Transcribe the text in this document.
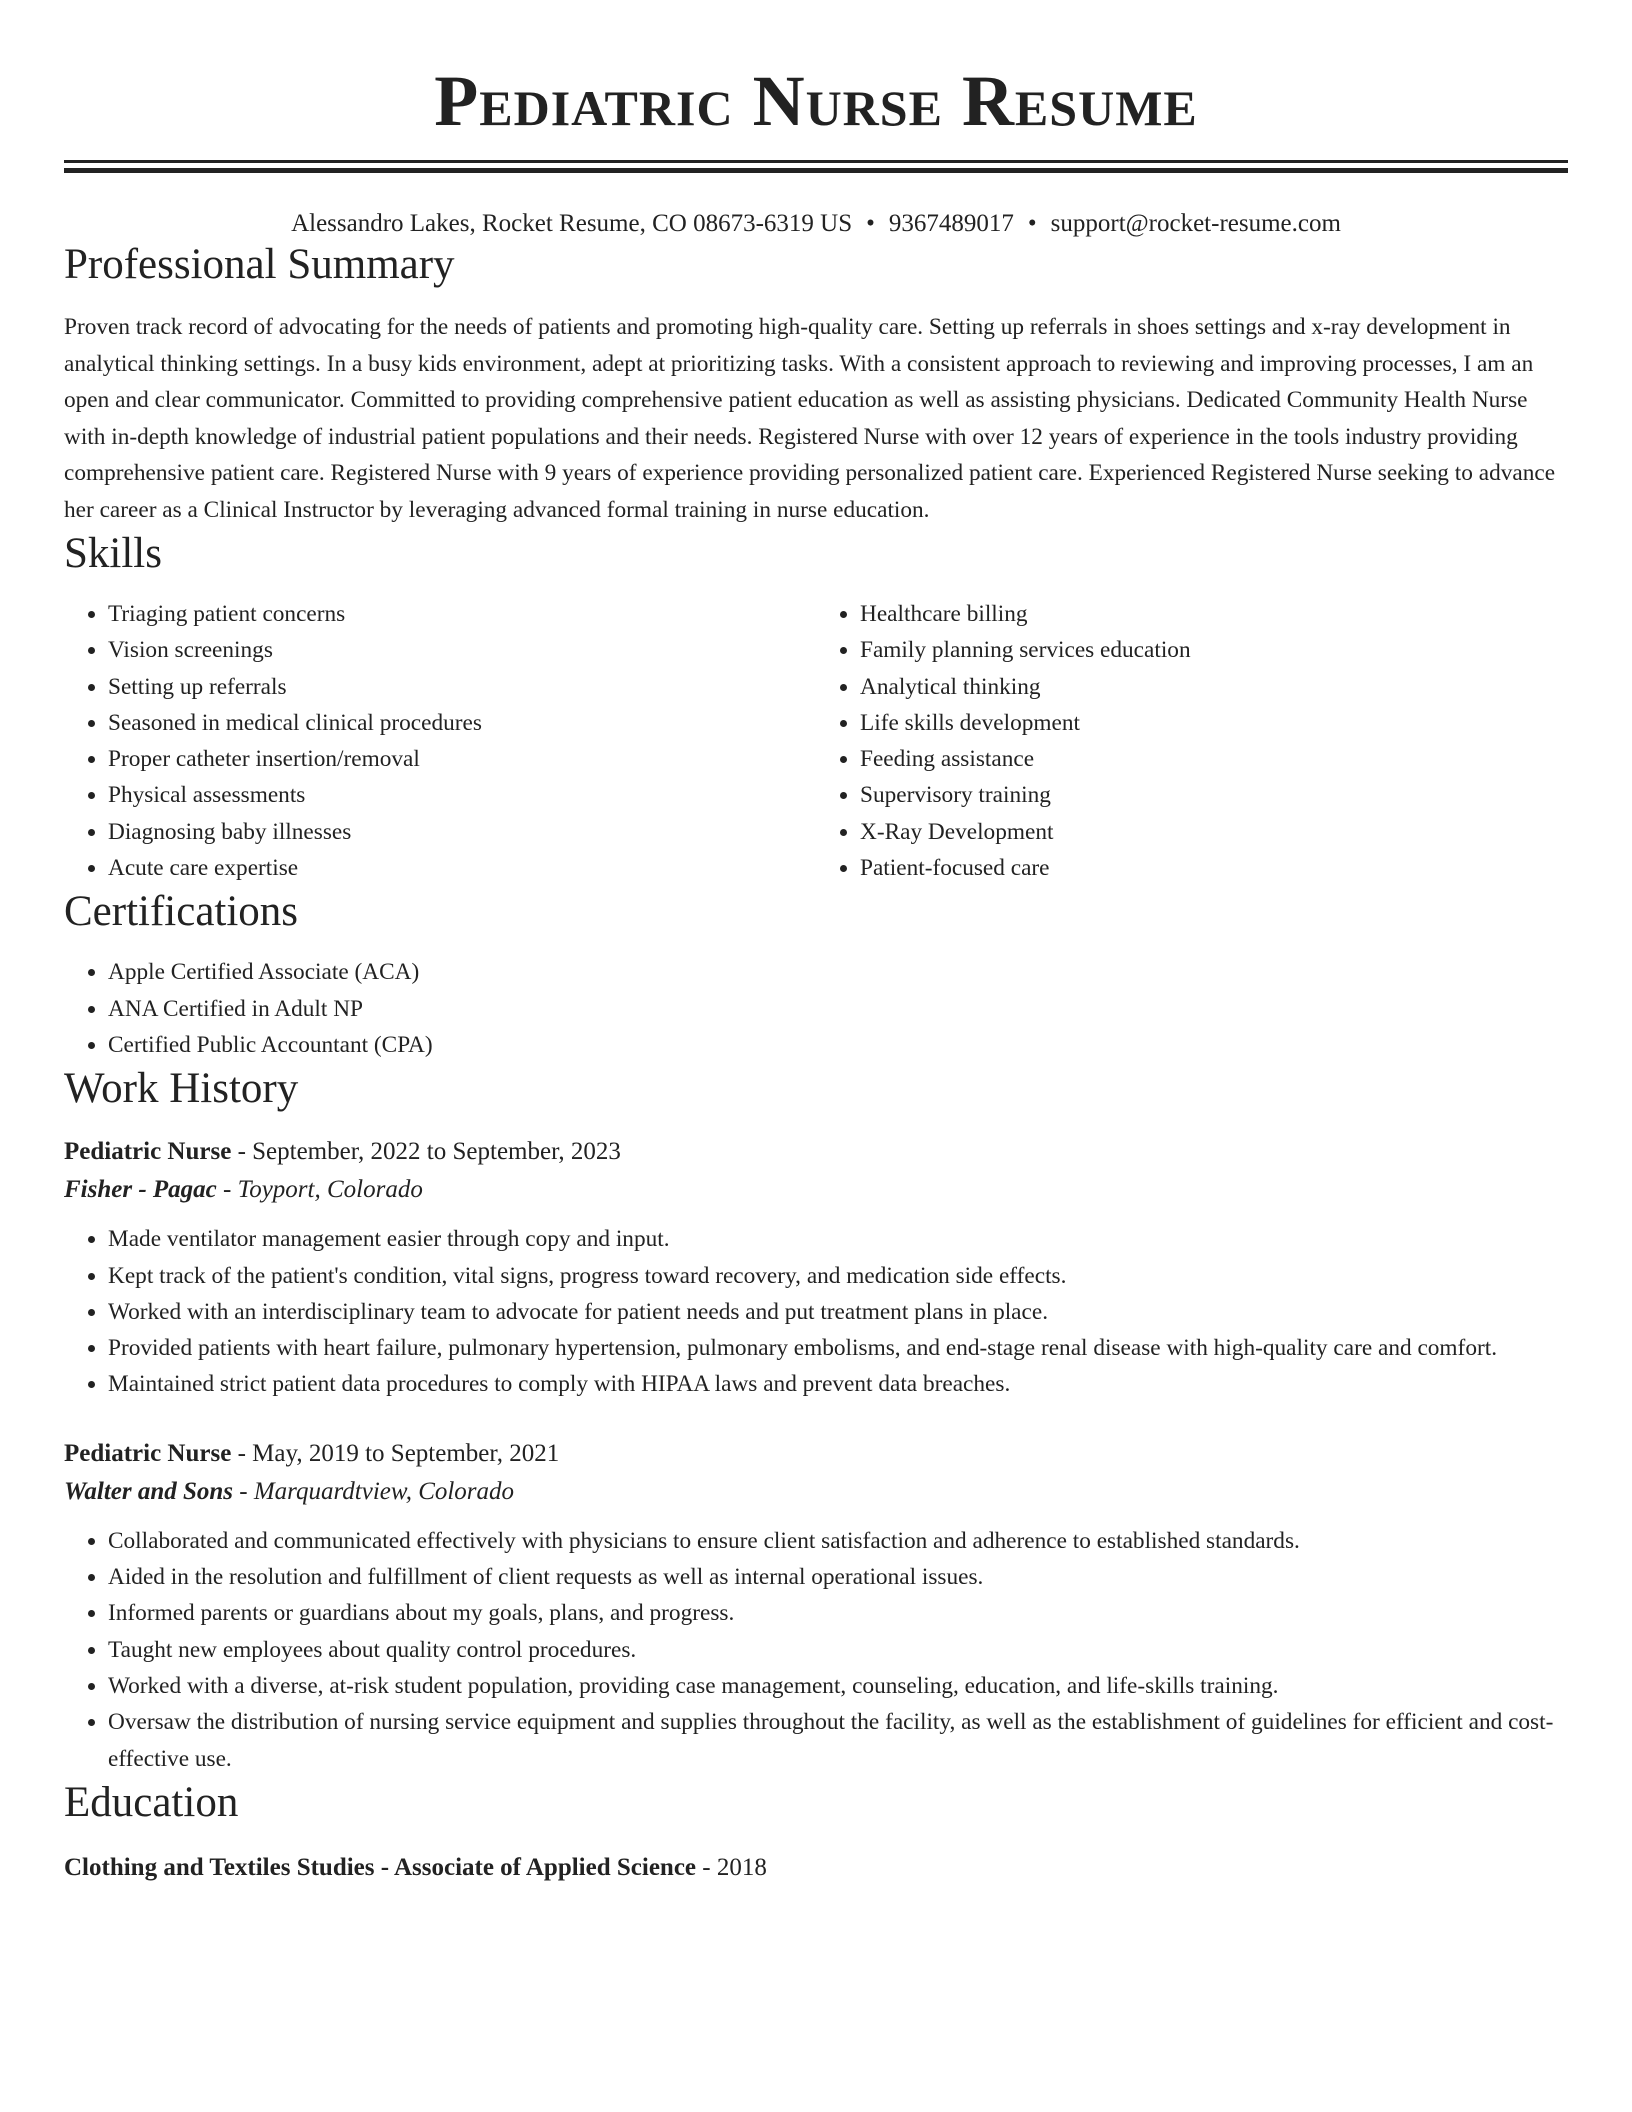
Pediatric Nurse Resume
Alessandro Lakes, Rocket Resume, CO 08673-6319 US • 9367489017 • support@rocket-resume.com
Professional Summary

Proven track record of advocating for the needs of patients and promoting high-quality care. Setting up referrals in shoes settings and x-ray development in analytical thinking settings. In a busy kids environment, adept at prioritizing tasks. With a consistent approach to reviewing and improving processes, I am an open and clear communicator. Committed to providing comprehensive patient education as well as assisting physicians. Dedicated Community Health Nurse with in-depth knowledge of industrial patient populations and their needs. Registered Nurse with over 12 years of experience in the tools industry providing comprehensive patient care. Registered Nurse with 9 years of experience providing personalized patient care. Experienced Registered Nurse seeking to advance her career as a Clinical Instructor by leveraging advanced formal training in nurse education.

Skills
• Triaging patient concerns
• Vision screenings
• Setting up referrals
• Seasoned in medical clinical procedures
• Proper catheter insertion/removal
• Physical assessments
• Diagnosing baby illnesses
• Acute care expertise
• Healthcare billing
• Family planning services education
• Analytical thinking
• Life skills development
• Feeding assistance
• Supervisory training
• X-Ray Development
• Patient-focused care
Certifications
• Apple Certified Associate (ACA)
• ANA Certified in Adult NP
• Certified Public Accountant (CPA)
Work History
Pediatric Nurse - September, 2022 to September, 2023
Fisher - Pagac - Toyport, Colorado
• Made ventilator management easier through copy and input.
• Kept track of the patient's condition, vital signs, progress toward recovery, and medication side effects.
• Worked with an interdisciplinary team to advocate for patient needs and put treatment plans in place.
• Provided patients with heart failure, pulmonary hypertension, pulmonary embolisms, and end-stage renal disease with high-quality care and comfort.
• Maintained strict patient data procedures to comply with HIPAA laws and prevent data breaches.
Pediatric Nurse - May, 2019 to September, 2021
Walter and Sons - Marquardtview, Colorado
• Collaborated and communicated effectively with physicians to ensure client satisfaction and adherence to established standards.
• Aided in the resolution and fulfillment of client requests as well as internal operational issues.
• Informed parents or guardians about my goals, plans, and progress.
• Taught new employees about quality control procedures.
• Worked with a diverse, at-risk student population, providing case management, counseling, education, and life-skills training.
• Oversaw the distribution of nursing service equipment and supplies throughout the facility, as well as the establishment of guidelines for efficient and cost-effective use.
Education
Clothing and Textiles Studies - Associate of Applied Science - 2018
